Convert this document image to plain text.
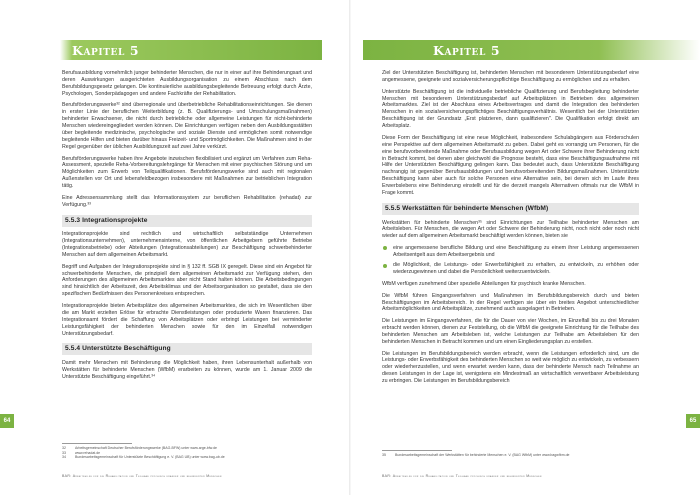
Kapitel 5

Berufsausbildung vornehmlich junger behinderter Menschen, die nur in einer auf ihre Behinderungsart und deren Auswirkungen ausgerichteten Ausbildungsorganisation zu einem Abschluss nach dem Berufsbildungsgesetz gelangen. Die kontinuierliche ausbildungsbegleitende Betreuung erfolgt durch Ärzte, Psychologen, Sonderpädagogen und andere Fachkräfte der Rehabilitation.

Berufsförderungswerke³² sind überregionale und überbetriebliche Rehabilitationseinrichtungen. Sie dienen in erster Linie der beruflichen Weiterbildung (z. B. Qualifizierungs- und Umschulungsmaßnahmen) behinderter Erwachsener, die nicht durch betriebliche oder allgemeine Leistungen für nicht-behinderte Menschen wiedereingegliedert werden können. Die Einrichtungen verfügen neben den Ausbildungsstätten über begleitende medizinische, psychologische und soziale Dienste und ermöglichen somit notwendige begleitende Hilfen und bieten darüber hinaus Freizeit- und Sportmöglichkeiten. Die Maßnahmen sind in der Regel gegenüber der üblichen Ausbildungszeit auf zwei Jahre verkürzt.

Berufsförderungswerke haben ihre Angebote inzwischen flexibilisiert und ergänzt um Verfahren zum Reha-Assessment, spezielle Reha-Vorbereitungslehrgänge für Menschen mit einer psychischen Störung und um Möglichkeiten zum Erwerb von Teilqualifikationen. Berufsförderungswerke sind auch mit regionalen Außenstellen vor Ort und lebensfeldbezogen insbesondere mit Maßnahmen zur betrieblichen Integration tätig.

Eine Adressensammlung stellt das Informationssystem zur beruflichen Rehabilitation (rehadat) zur Verfügung.³³

5.5.3 Integrationsprojekte

Integrationsprojekte sind rechtlich und wirtschaftlich selbstständige Unternehmen (Integrationsunternehmen), unternehmensinterne, von öffentlichen Arbeitgebern geführte Betriebe (Integrationsbetriebe) oder Abteilungen (Integrationsabteilungen) zur Beschäftigung schwerbehinderter Menschen auf dem allgemeinen Arbeitsmarkt.

Begriff und Aufgaben der Integrationsprojekte sind in § 132 ff. SGB IX geregelt. Diese sind ein Angebot für schwerbehinderte Menschen, die prinzipiell dem allgemeinen Arbeitsmarkt zur Verfügung stehen, den Anforderungen des allgemeinen Arbeitsmarktes aber nicht Stand halten können. Die Arbeitsbedingungen sind hinsichtlich der Arbeitszeit, des Arbeitsklimas und der Arbeitsorganisation so gestaltet, dass sie den spezifischen Bedürfnissen des Personenkreises entsprechen.

Integrationsprojekte bieten Arbeitsplätze des allgemeinen Arbeitsmarktes, die sich im Wesentlichen über die am Markt erzielten Erlöse für erbrachte Dienstleistungen oder produzierte Waren finanzieren. Das Integrationsamt fördert die Schaffung von Arbeitsplätzen oder erbringt Leistungen bei verminderter Leistungsfähigkeit der behinderten Menschen sowie für den im Einzelfall notwendigen Unterstützungsbedarf.

5.5.4 Unterstützte Beschäftigung

Damit mehr Menschen mit Behinderung die Möglichkeit haben, ihren Lebensunterhalt außerhalb von Werkstätten für behinderte Menschen (WfbM) erarbeiten zu können, wurde am 1. Januar 2009 die Unterstützte Beschäftigung eingeführt.³⁴

32	Arbeitsgemeinschaft Deutscher Berufsförderungswerke (BAG-BFW) unter www.arge-bfw.de
33	www.rehadat.de
34	Bundesarbeitsgemeinschaft für Unterstützte Beschäftigung e. V. (BAG UB) unter www.bag-ub.de
64
BAR: Arbeitshilfe für die Rehabilitation und Teilhabe psychisch kranker und behinderter Menschen
Kapitel 5

Ziel der Unterstützten Beschäftigung ist, behinderten Menschen mit besonderem Unterstützungsbedarf eine angemessene, geeignete und sozialversicherungspflichtige Beschäftigung zu ermöglichen und zu erhalten.

Unterstützte Beschäftigung ist die individuelle betriebliche Qualifizierung und Berufsbegleitung behinderter Menschen mit besonderem Unterstützungsbedarf auf Arbeitsplätzen in Betrieben des allgemeinen Arbeitsmarktes. Ziel ist der Abschluss eines Arbeitsvertrages und damit die Integration des behinderten Menschen in ein sozialversicherungspflichtiges Beschäftigungsverhältnis. Wesentlich bei der Unterstützten Beschäftigung ist der Grundsatz „Erst platzieren, dann qualifizieren". Die Qualifikation erfolgt direkt am Arbeitsplatz.

Diese Form der Beschäftigung ist eine neue Möglichkeit, insbesondere Schulabgängern aus Förderschulen eine Perspektive auf dem allgemeinen Arbeitsmarkt zu geben. Dabei geht es vorrangig um Personen, für die eine berufsvorbereitende Maßnahme oder Berufsausbildung wegen Art oder Schwere ihrer Behinderung nicht in Betracht kommt, bei denen aber gleichwohl die Prognose besteht, dass eine Beschäftigungsaufnahme mit Hilfe der Unterstützten Beschäftigung gelingen kann. Das bedeutet auch, dass Unterstützte Beschäftigung nachrangig ist gegenüber Berufsausbildungen und berufsvorbereitenden Bildungsmaßnahmen. Unterstützte Beschäftigung kann aber auch für solche Personen eine Alternative sein, bei denen sich im Laufe ihres Erwerbslebens eine Behinderung einstellt und für die derzeit mangels Alternativen oftmals nur die WfbM in Frage kommt.

5.5.5 Werkstätten für behinderte Menschen (WfbM)

Werkstätten für behinderte Menschen³⁵ sind Einrichtungen zur Teilhabe behinderter Menschen am Arbeitsleben. Für Menschen, die wegen Art oder Schwere der Behinderung nicht, noch nicht oder noch nicht wieder auf dem allgemeinen Arbeitsmarkt beschäftigt werden können, bieten sie

eine angemessene berufliche Bildung und eine Beschäftigung zu einem ihrer Leistung angemessenen Arbeitsentgelt aus dem Arbeitsergebnis und
die Möglichkeit, die Leistungs- oder Erwerbsfähigkeit zu erhalten, zu entwickeln, zu erhöhen oder wiederzugewinnen und dabei die Persönlichkeit weiterzuentwickeln.

WfbM verfügen zunehmend über spezielle Abteilungen für psychisch kranke Menschen.

Die WfbM führen Eingangsverfahren und Maßnahmen im Berufsbildungsbereich durch und bieten Beschäftigungen im Arbeitsbereich. In der Regel verfügen sie über ein breites Angebot unterschiedlicher Arbeitsmöglichkeiten und Arbeitsplätze, zunehmend auch ausgelagert in Betrieben.

Die Leistungen im Eingangsverfahren, die für die Dauer von vier Wochen, im Einzelfall bis zu drei Monaten erbracht werden können, dienen zur Feststellung, ob die WfbM die geeignete Einrichtung für die Teilhabe des behinderten Menschen am Arbeitsleben ist, welche Leistungen zur Teilhabe am Arbeitsleben für den behinderten Menschen in Betracht kommen und um einen Eingliederungsplan zu erstellen.

Die Leistungen im Berufsbildungsbereich werden erbracht, wenn die Leistungen erforderlich sind, um die Leistungs- oder Erwerbsfähigkeit des behinderten Menschen so weit wie möglich zu entwickeln, zu verbessern oder wiederherzustellen, und wenn erwartet werden kann, dass der behinderte Mensch nach Teilnahme an diesen Leistungen in der Lage ist, wenigstens ein Mindestmaß an wirtschaftlich verwertbarer Arbeitsleistung zu erbringen. Die Leistungen im Berufsbildungsbereich

35	Bundesarbeitsgemeinschaft der Werkstätten für behinderte Menschen e. V. (BAG WfbM) unter www.bagwfbm.de
65
BAR: Arbeitshilfe für die Rehabilitation und Teilhabe psychisch kranker und behinderter Menschen
